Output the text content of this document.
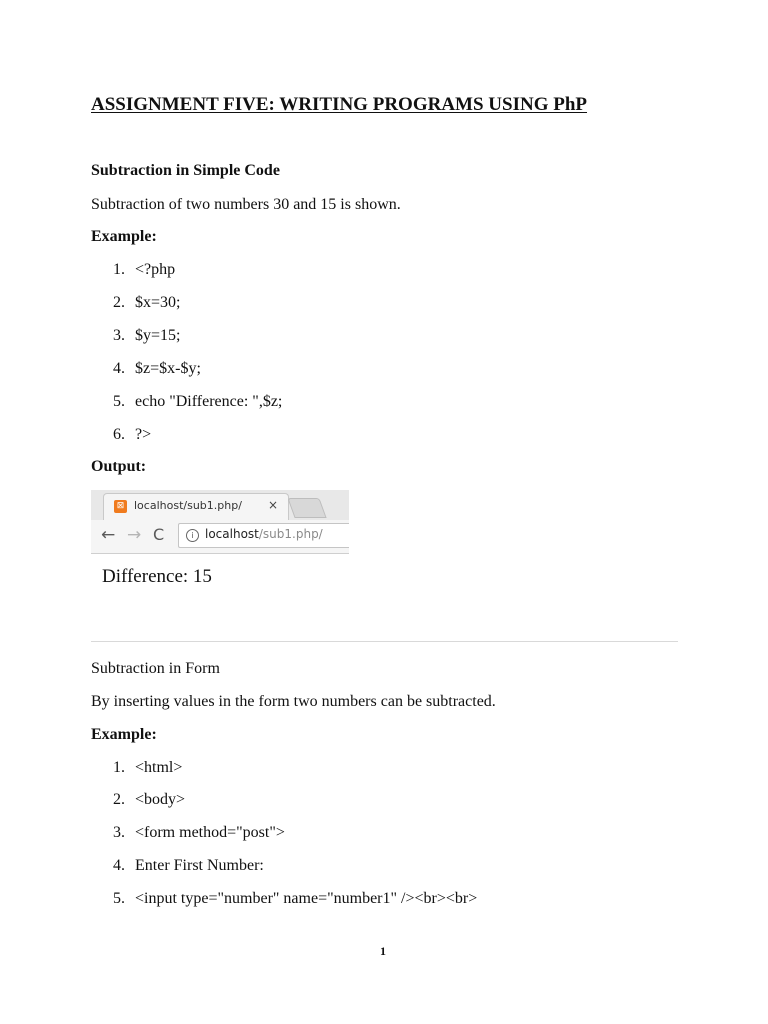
ASSIGNMENT FIVE: WRITING PROGRAMS USING PhP
Subtraction in Simple Code
Subtraction of two numbers 30 and 15 is shown.
Example:
1. <?php
2. $x=30;
3. $y=15;
4. $z=$x-$y;
5. echo "Difference: ",$z;
6. ?>
Output:
⊠ localhost/sub1.php/ ×
← → C	i localhost/sub1.php/
Difference: 15
Subtraction in Form
By inserting values in the form two numbers can be subtracted.
Example:
1. <html>
2. <body>
3. <form method="post">
4. Enter First Number:
5. <input type="number" name="number1" /><br><br>
1
